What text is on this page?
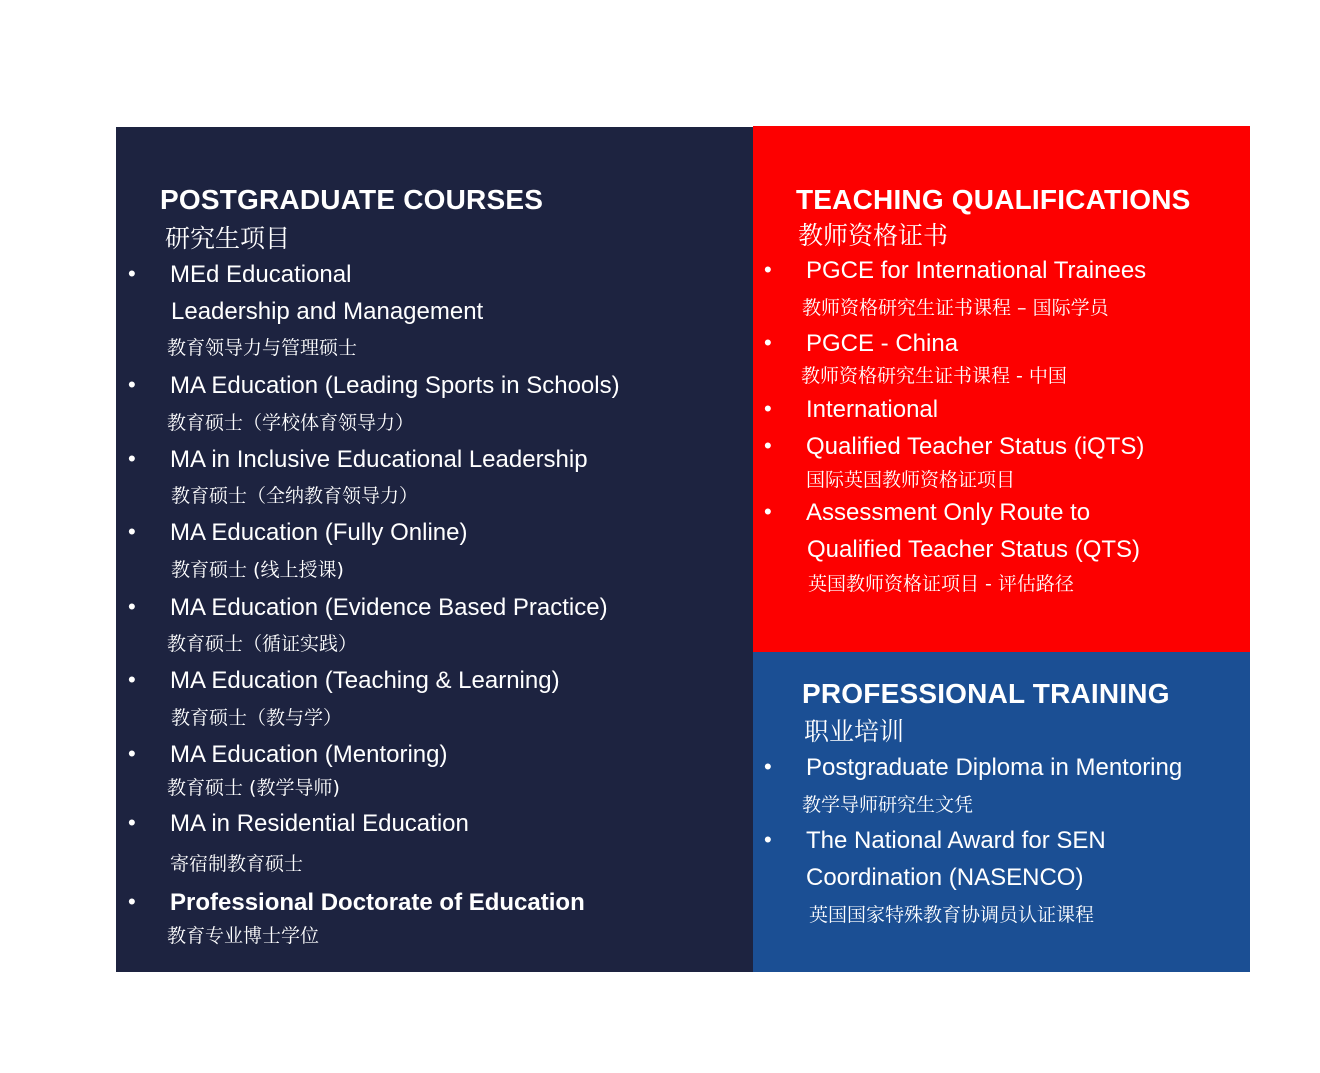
POSTGRADUATE COURSES
研究生项目
• MEd Educational
Leadership and Management
教育领导力与管理硕士
• MA Education (Leading Sports in Schools)
教育硕士（学校体育领导力）
• MA in Inclusive Educational Leadership
教育硕士（全纳教育领导力）
• MA Education (Fully Online)
教育硕士 (线上授课)
• MA Education (Evidence Based Practice)
教育硕士（循证实践）
• MA Education (Teaching & Learning)
教育硕士（教与学）
• MA Education (Mentoring)
教育硕士 (教学导师)
• MA in Residential Education
寄宿制教育硕士
• Professional Doctorate of Education
教育专业博士学位
TEACHING QUALIFICATIONS
教师资格证书
• PGCE for International Trainees
教师资格研究生证书课程 – 国际学员
• PGCE - China
教师资格研究生证书课程 - 中国
• International
• Qualified Teacher Status (iQTS)
国际英国教师资格证项目
• Assessment Only Route to
Qualified Teacher Status (QTS)
英国教师资格证项目 - 评估路径
PROFESSIONAL TRAINING
职业培训
• Postgraduate Diploma in Mentoring
教学导师研究生文凭
• The National Award for SEN
Coordination (NASENCO)
英国国家特殊教育协调员认证课程
